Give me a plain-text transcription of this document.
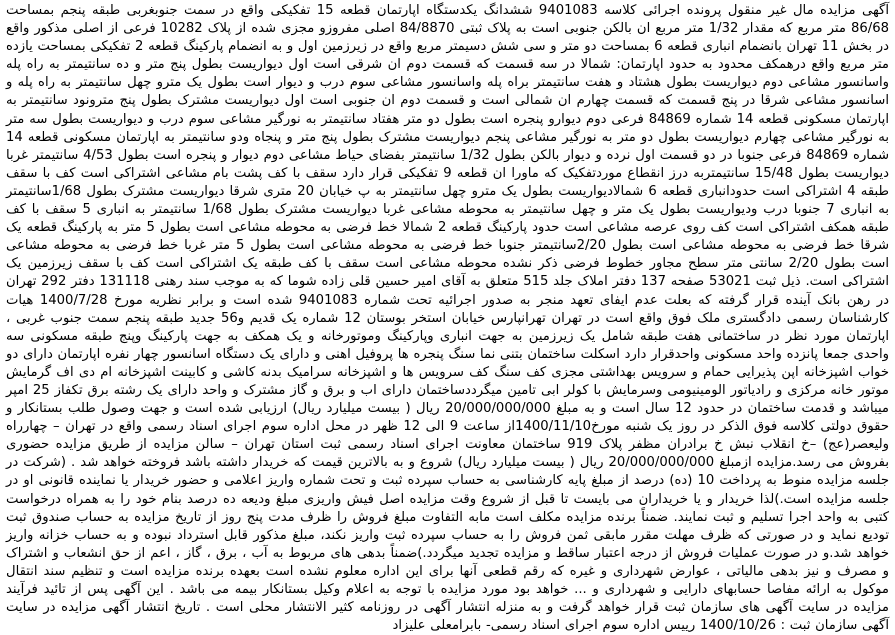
آگهی مزایده مال غیر منقول پرونده اجرائی کلاسه 9401083 ششدانگ یکدستگاه اپارتمان قطعه 15 تفکیکی واقع در سمت جنوبغربی طبقه پنجم بمساحت 86/68 متر مربع که مقدار 1/32 متر مربع ان بالکن جنوبی است به پلاک ثبتی 84/8870 اصلی مفروزو مجزی شده از پلاک 10282 فرعی از اصلی مذکور واقع در بخش 11 تهران بانضمام انباری قطعه 6 بمساحت دو متر و سی شش دسیمتر مربع واقع در زیرزمین اول و به انضمام پارکینگ قطعه 2 تفکیکی بمساحت یازده متر مربع واقع درهمکف محدود به حدود اپارتمان: شمالا در سه قسمت که قسمت دوم ان شرقی است اول دیواریست بطول پنج متر و ده سانتیمتر به راه پله واسانسور مشاعی دوم دیواریست بطول هشتاد و هفت سانتیمتر براه پله واسانسور مشاعی سوم درب و دیوار است بطول یک مترو چهل سانتیمتر به راه پله و اسانسور مشاعی شرقا در پنج قسمت که قسمت چهارم ان شمالی است و قسمت دوم ان جنوبی است اول دیواریست مشترک بطول پنج مترونود سانتیمتر به اپارتمان مسکونی قطعه 14 شماره 84869 فرعی دوم دیوارو پنجره است بطول دو متر هفتاد سانتیمتر به نورگیر مشاعی سوم درب و دیواریست بطول سه متر به نورگیر مشاعی چهارم دیواریست بطول دو متر به نورگیر مشاعی پنجم دیواریست مشترک بطول پنج متر و پنجاه ودو سانتیمتر به اپارتمان مسکونی قطعه 14 شماره 84869 فرعی جنوبا در دو قسمت اول نرده و دیوار بالکن بطول 1/32 سانتیمتر بفضای حیاط مشاعی دوم دیوار و پنجره است بطول 4/53 سانتیمتر غربا دیواریست بطول 15/48 سانتیمتربه درز انقطاع موردتفکیک که ماورا ان قطعه 9 تفکیکی قرار دارد سقف با کف پشت بام مشاعی اشتراکی است کف با سقف طبقه 4 اشتراکی است حدودانباری قطعه 6 شمالادیواریست بطول یک مترو چهل سانتیمتر به پ خیابان 20 متری شرقا دیواریست مشترک بطول 1/68سانتیمتر به انباری 7 جنوبا درب ودیواریست بطول یک متر و چهل سانتیمتر به محوطه مشاعی غربا دیواریست مشترک بطول 1/68 سانتیمتر به انباری 5 سقف با کف طبقه همکف اشتراکی است کف روی عرصه مشاعی است حدود پارکینگ قطعه 2 شمالا خط فرضی به محوطه مشاعی است بطول 5 متر به پارکینگ قطعه یک شرقا خط فرضی به محوطه مشاعی است بطول 2/20سانتیمتر جنوبا خط فرضی به محوطه مشاعی است بطول 5 متر غربا خط فرضی به محوطه مشاعی است بطول 2/20 سانتی متر سطح مجاور خطوط فرضی ذکر نشده محوطه مشاعی است سقف با کف طبقه یک اشتراکی است کف با سقف زیرزمین یک اشتراکی است. ذیل ثبت 53021 صفحه 137 دفتر املاک جلد 515 متعلق به آقای امیر حسین قلی زاده شوما که به موجب سند رهنی 131118 دفتر 292 تهران در رهن بانک آینده قرار گرفته که بعلت عدم ایفای تعهد منجر به صدور اجرائیه تحت شماره 9401083 شده است و برابر نظریه مورخ 1400/7/28 هیات کارشناسان رسمی دادگستری ملک فوق واقع است در تهران تهرانپارس خیابان استخر بوستان 12 شماره یک قدیم و56 جدید طبقه پنجم سمت جنوب غربی ، اپارتمان مورد نظر در ساختمانی هفت طبقه شامل یک زیرزمین به جهت انباری وپارکینگ وموتورخانه و یک همکف به جهت پارکینگ وپنج طبقه مسکونی سه واحدی جمعا پانزده واحد مسکونی واحدقرار دارد اسکلت ساختمان بتنی نما سنگ پنجره ها پروفیل اهنی و دارای یک دستگاه اسانسور چهار نفره اپارتمان دارای دو خواب اشپزخانه اپن پذیرایی حمام و سرویس بهداشتی مجزی کف سنگ کف سرویس ها و اشپزخانه سرامیک بدنه کاشی و کابینت اشپزخانه ام دی اف گرمایش موتور خانه مرکزی و رادیاتور الومینیومی وسرمایش با کولر ابی تامین میگرددساختمان دارای اب و برق و گاز مشترک و واحد دارای یک رشته برق تکفاز 25 امپر میباشد و قدمت ساختمان در حدود 12 سال است و به مبلغ 20/000/000/000 ریال ( بیست میلیارد ریال) ارزیابی شده است و جهت وصول طلب بستانکار و حقوق دولتی کلاسه فوق الذکر در روز یک شنبه مورخ1400/11/10از ساعت 9 الی 12 ظهر در محل اداره سوم اجرای اسناد رسمی واقع در تهران – چهارراه ولیعصر(عج) –خ انقلاب نبش خ برادران مظفر پلاک 919 ساختمان معاونت اجرای اسناد رسمی ثبت استان تهران – سالن مزایده از طریق مزایده حضوری بفروش می رسد.مزایده ازمبلغ 20/000/000/000 ریال ( بیست میلیارد ریال) شروع و به بالاترین قیمت که خریدار داشته باشد فروخته خواهد شد . (شرکت در جلسه مزایده منوط به پرداخت 10 (ده) درصد از مبلغ پایه کارشناسی به حساب سپرده ثبت و تحت شماره واریز اعلامی و حضور خریدار یا نماینده قانونی او در جلسه مزایده است.)لذا خریدار و یا خریداران می بایست تا قبل از شروع وقت مزایده اصل فیش واریزی مبلغ ودیعه ده درصد بنام خود را به همراه درخواست کتبی به واحد اجرا تسلیم و ثبت نمایند. ضمناً برنده مزایده مکلف است مابه التفاوت مبلغ فروش را ظرف مدت پنج روز از تاریخ مزایده به حساب صندوق ثبت تودیع نماید و در صورتی که ظرف مهلت مقرر مابقی ثمن فروش را به حساب سپرده ثبت واریز نکند، مبلغ مذکور قابل استرداد نبوده و به حساب خزانه واریز خواهد شد.و در صورت عملیات فروش از درجه اعتبار ساقط و مزایده تجدید میگردد.)ضمناً بدهی های مربوط به آب ، برق ، گاز ، اعم از حق انشعاب و اشتراک و مصرف و نیز بدهی مالیاتی ، عوارض شهرداری و غیره که رقم قطعی آنها برای این اداره معلوم نشده است بعهده برنده مزایده است و تنظیم سند انتقال موکول به ارائه مفاصا حسابهای دارایی و شهرداری و ... خواهد بود مورد مزایده با توجه به اعلام وکیل بستانکار بیمه می باشد . این آگهی پس از تائید فرآیند مزایده در سایت آگهی های سازمان ثبت قرار خواهد گرفت و به منزله انتشار آگهی در روزنامه کثیر الانتشار محلی است . تاریخ انتشار آگهی مزایده در سایت آگهی سازمان ثبت : 1400/10/26 رییس اداره سوم اجرای اسناد رسمی- بابرامعلی علیزاد
